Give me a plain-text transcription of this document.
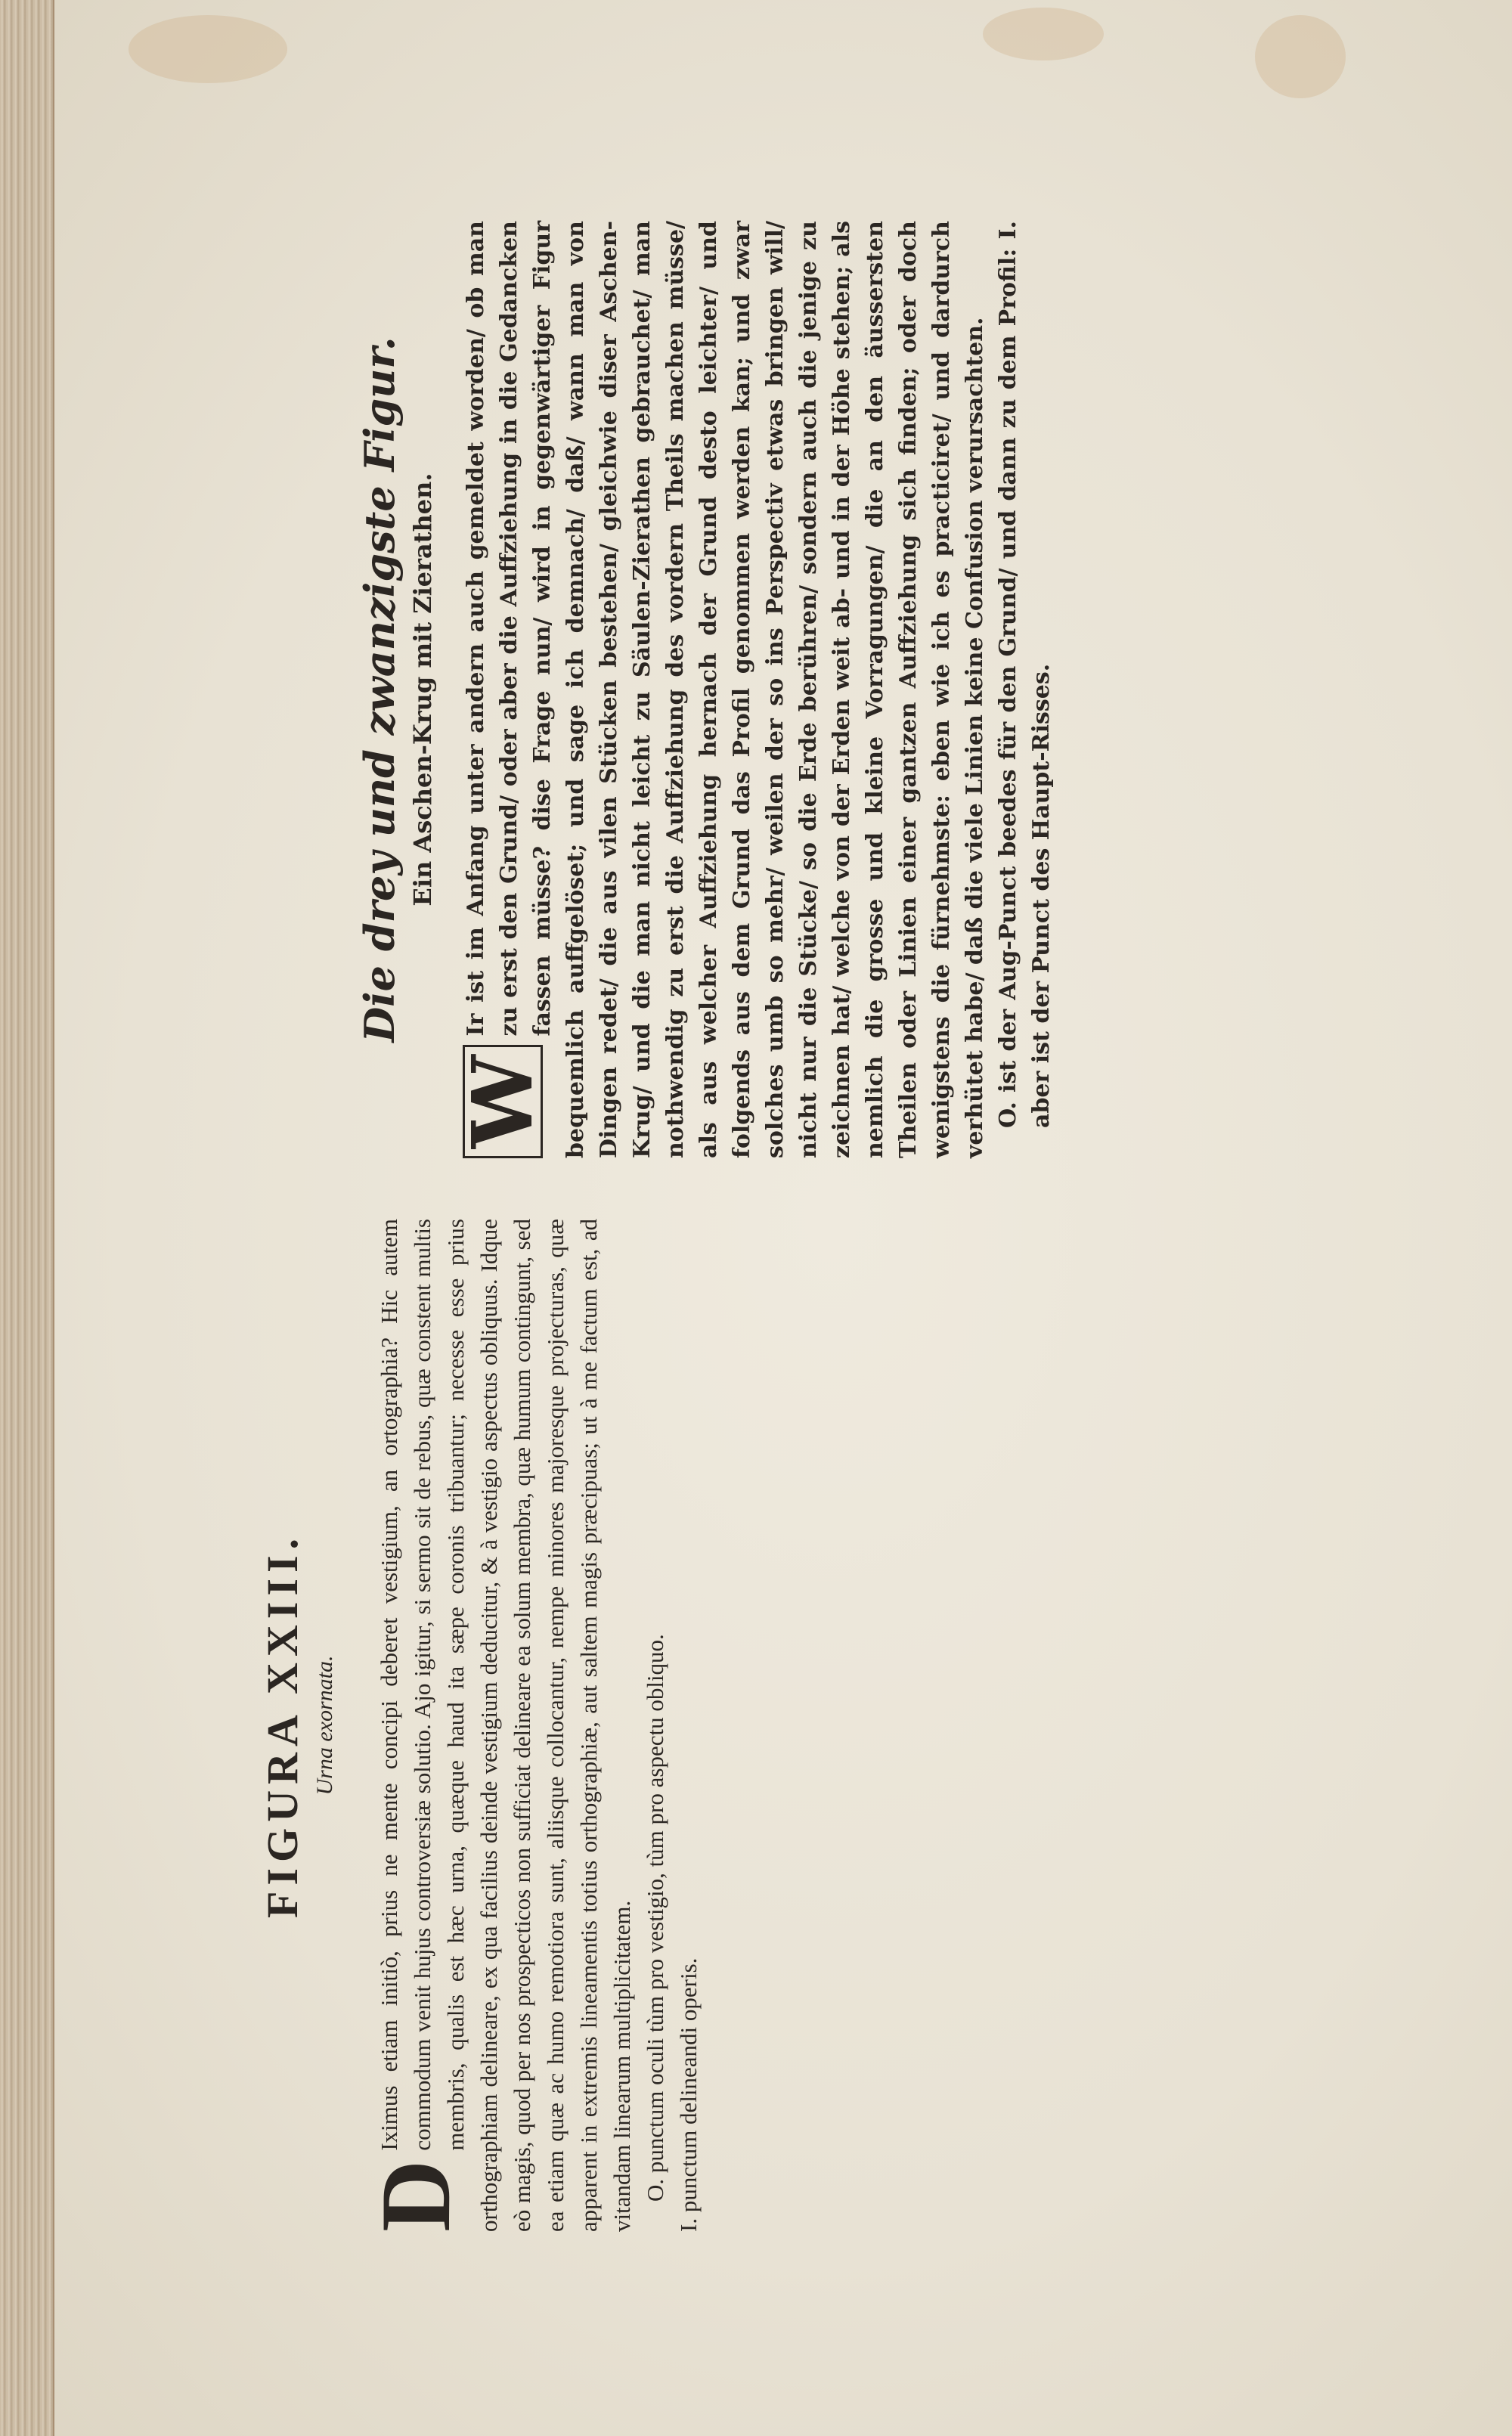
FIGURA XXIII. Urna exornata.

D
Iximus etiam initiò, prius ne mente concipi deberet vestigium, an ortographia? Hic autem commodum venit hujus controversiæ solutio. Ajo igitur, si sermo sit de rebus, quæ constent multis membris, qualis est hæc urna, quæque haud ita sæpe coronis tribuantur; necesse esse prius orthographiam delineare, ex qua facilius deinde vestigium deducitur, & à vestigio aspectus obliquus. Idque eò magis, quod per nos prospecticos non sufficiat delineare ea solum membra, quæ humum contingunt, sed ea etiam quæ ac humo remotiora sunt, aliisque collocantur, nempe minores majoresque projecturas, quæ apparent in extremis lineamentis totius orthographiæ, aut saltem magis præcipuas; ut à me factum est, ad vitandam linearum multiplicitatem. O. punctum oculi tùm pro vestigio, tùm pro aspectu obliquo. I. punctum delineandi operis.

Die drey und zwanzigste Figur. Ein Aschen-Krug mit Zierathen.

W
Ir ist im Anfang unter andern auch gemeldet worden/ ob man zu erst den Grund/ oder aber die Auffziehung in die Gedancken fassen müsse? dise Frage nun/ wird in gegenwärtiger Figur bequemlich auffgelöset; und sage ich demnach/ daß/ wann man von Dingen redet/ die aus vilen Stücken bestehen/ gleichwie diser Aschen-Krug/ und die man nicht leicht zu Säulen-Zierathen gebrauchet/ man nothwendig zu erst die Auffziehung des vordern Theils machen müsse/ als aus welcher Auffziehung hernach der Grund desto leichter/ und folgends aus dem Grund das Profil genommen werden kan; und zwar solches umb so mehr/ weilen der so ins Perspectiv etwas bringen will/ nicht nur die Stücke/ so die Erde berühren/ sondern auch die jenige zu zeichnen hat/ welche von der Erden weit ab- und in der Höhe stehen; als nemlich die grosse und kleine Vorragungen/ die an den äussersten Theilen oder Linien einer gantzen Auffziehung sich finden; oder doch wenigstens die fürnehmste: eben wie ich es practiciret/ und dardurch verhütet habe/ daß die viele Linien keine Confusion verursachten. O. ist der Aug-Punct beedes für den Grund/ und dann zu dem Profil: I. aber ist der Punct des Haupt-Risses.
